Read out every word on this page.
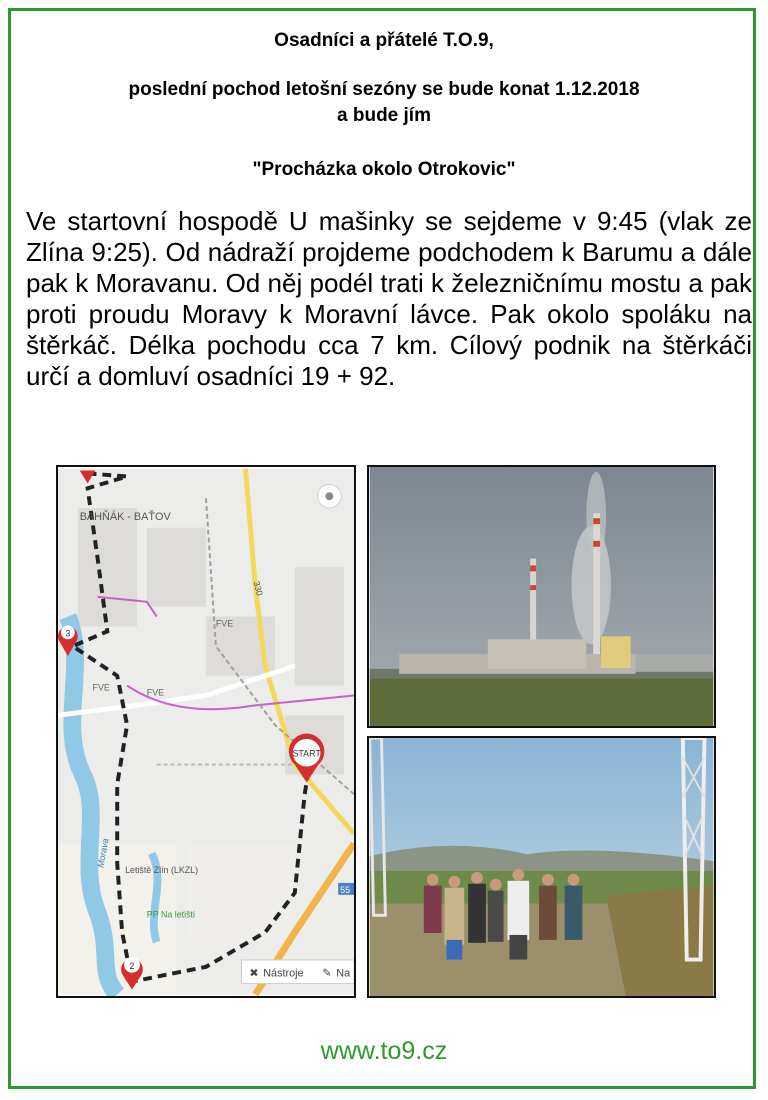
Osadníci a přátelé T.O.9,
poslední pochod letošní sezóny se bude konat 1.12.2018
a bude jím
"Procházka okolo Otrokovic"
Ve startovní hospodě U mašinky se sejdeme v 9:45 (vlak ze Zlína 9:25). Od nádraží projdeme podchodem k Barumu a dále pak k Moravanu. Od něj podél trati k železničnímu mostu a pak proti proudu Moravy k Moravní lávce. Pak okolo spoláku na štěrkáč. Délka pochodu cca 7 km. Cílový podnik na štěrkáči určí a domluví osadníci 19 + 92.
BAHŇÁK - BAŤOV
FVE
FVE	FVE
330
55
Morava
Letiště Zlín (LKZL)
PP Na letišti
START
3
2
✖ Nástroje ✎ Na
www.to9.cz
